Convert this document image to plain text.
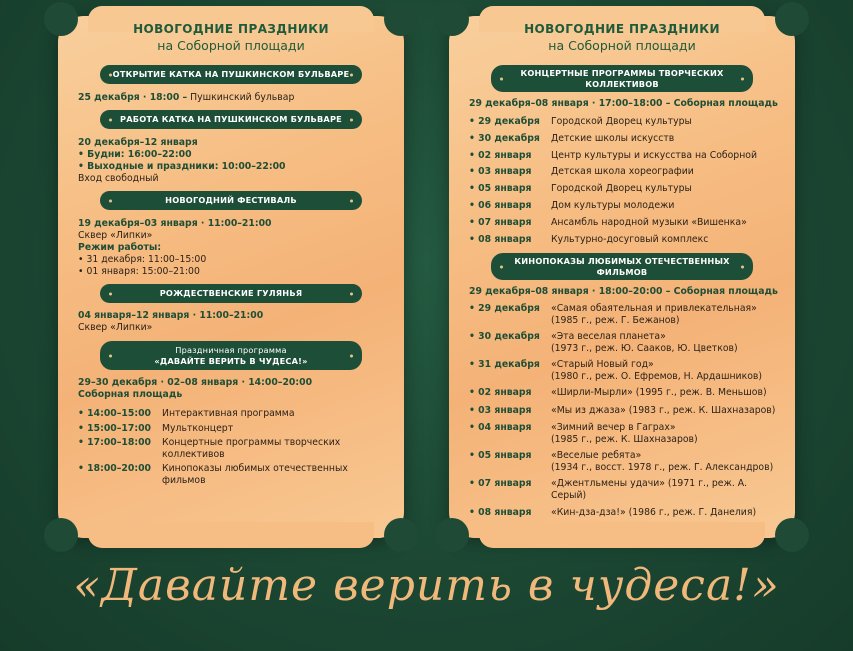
НОВОГОДНИЕ ПРАЗДНИКИ
на Соборной площади
ОТКРЫТИЕ КАТКА НА ПУШКИНСКОМ БУЛЬВАРЕ
25 декабря · 18:00 – Пушкинский бульвар
РАБОТА КАТКА НА ПУШКИНСКОМ БУЛЬВАРЕ
20 декабря–12 января
• Будни: 16:00–22:00
• Выходные и праздники: 10:00–22:00
Вход свободный
НОВОГОДНИЙ ФЕСТИВАЛЬ
19 декабря–03 января · 11:00–21:00
Сквер «Липки»
Режим работы:
• 31 декабря: 11:00–15:00
• 01 января: 15:00–21:00
РОЖДЕСТВЕНСКИЕ ГУЛЯНЬЯ
04 января–12 января · 11:00–21:00
Сквер «Липки»
Праздничная программа
«ДАВАЙТЕ ВЕРИТЬ В ЧУДЕСА!»
29–30 декабря · 02–08 января · 14:00–20:00
Соборная площадь
• 14:00–15:00	Интерактивная программа
• 15:00–17:00	Мультконцерт
• 17:00–18:00	Концертные программы творческих коллективов
• 18:00–20:00	Кинопоказы любимых отечественных фильмов
НОВОГОДНИЕ ПРАЗДНИКИ
на Соборной площади
КОНЦЕРТНЫЕ ПРОГРАММЫ ТВОРЧЕСКИХ
КОЛЛЕКТИВОВ
29 декабря–08 января · 17:00–18:00 – Соборная площадь
• 29 декабря	Городской Дворец культуры
• 30 декабря	Детские школы искусств
• 02 января	Центр культуры и искусства на Соборной
• 03 января	Детская школа хореографии
• 05 января	Городской Дворец культуры
• 06 января	Дом культуры молодежи
• 07 января	Ансамбль народной музыки «Вишенка»
• 08 января	Культурно-досуговый комплекс
КИНОПОКАЗЫ ЛЮБИМЫХ ОТЕЧЕСТВЕННЫХ
ФИЛЬМОВ
29 декабря–08 января · 18:00–20:00 – Соборная площадь
• 29 декабря	«Самая обаятельная и привлекательная»
(1985 г., реж. Г. Бежанов)
• 30 декабря	«Эта веселая планета»
(1973 г., реж. Ю. Сааков, Ю. Цветков)
• 31 декабря	«Старый Новый год»
(1980 г., реж. О. Ефремов, Н. Ардашников)
• 02 января	«Ширли-Мырли» (1995 г., реж. В. Меньшов)
• 03 января	«Мы из джаза» (1983 г., реж. К. Шахназаров)
• 04 января	«Зимний вечер в Гаграх»
(1985 г., реж. К. Шахназаров)
• 05 января	«Веселые ребята»
(1934 г., восст. 1978 г., реж. Г. Александров)
• 07 января	«Джентльмены удачи» (1971 г., реж. А. Серый)
• 08 января	«Кин-дза-дза!» (1986 г., реж. Г. Данелия)
«Давайте верить в чудеса!»
